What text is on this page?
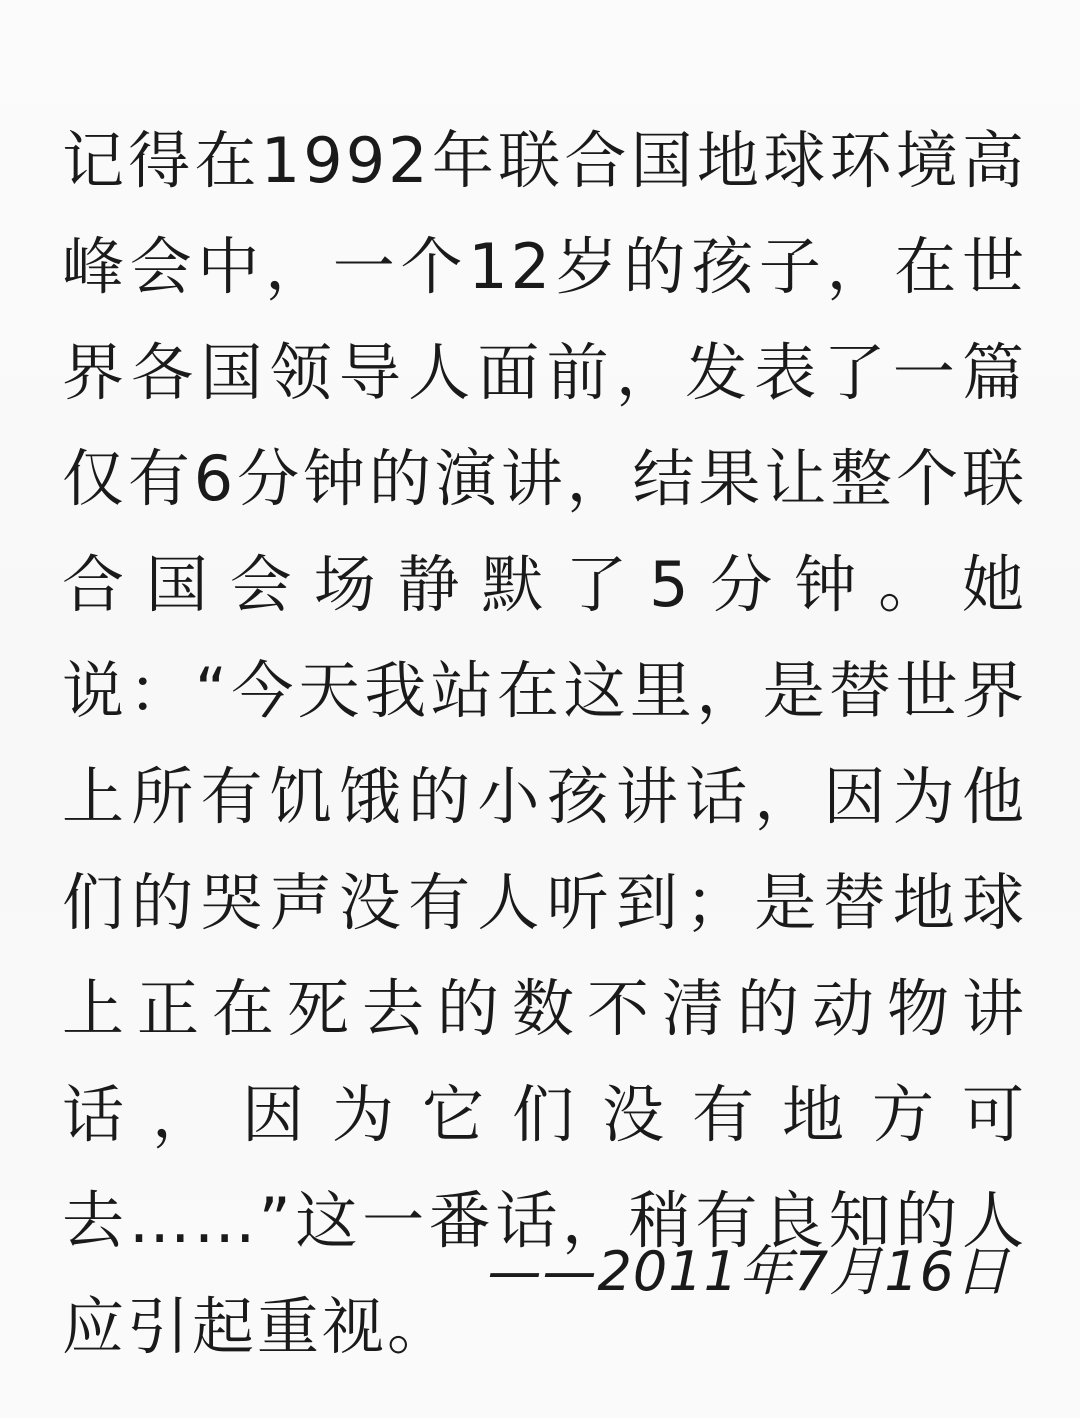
记得在1992年联合国地球环境高峰会中，一个12岁的孩子，在世界各国领导人面前，发表了一篇仅有6分钟的演讲，结果让整个联合国会场静默了5分钟。她说：“今天我站在这里，是替世界上所有饥饿的小孩讲话，因为他们的哭声没有人听到；是替地球上正在死去的数不清的动物讲话，因为它们没有地方可去……”这一番话，稍有良知的人应引起重视。

——2011年7月16日
